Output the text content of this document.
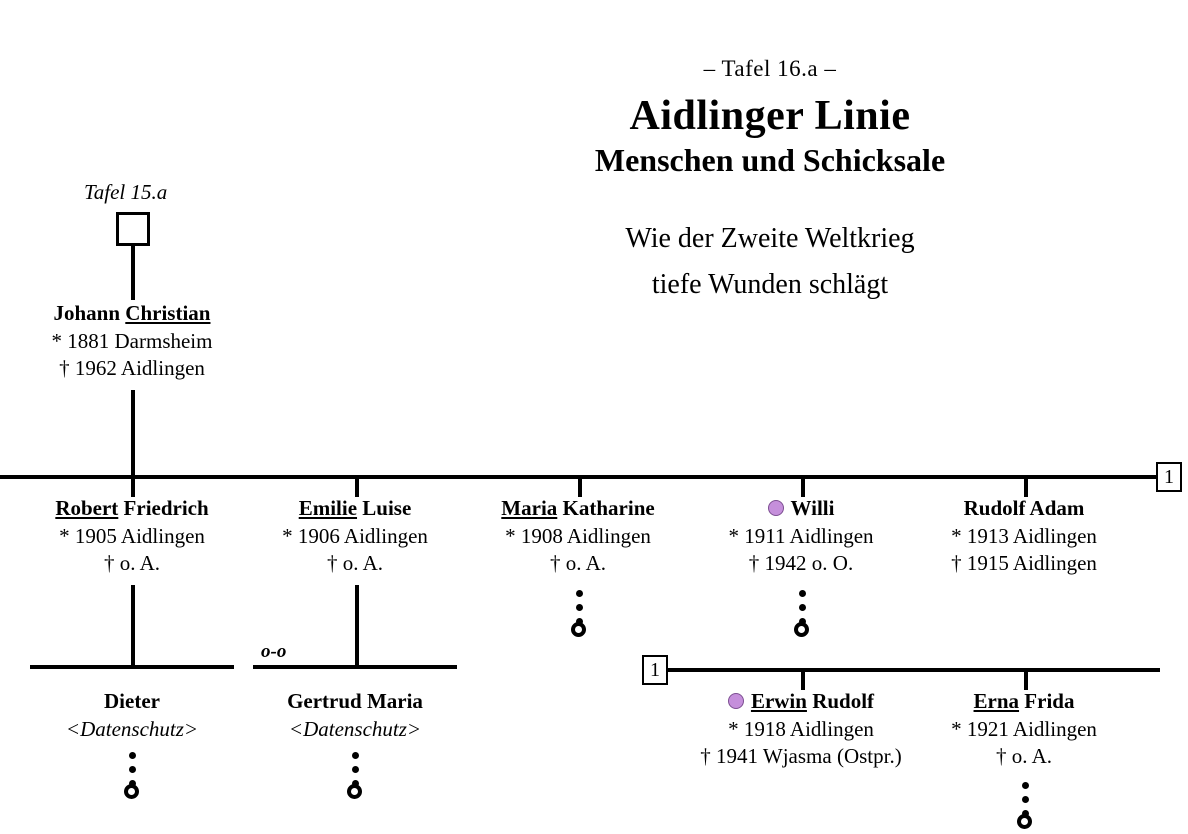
– Tafel 16.a –
Aidlinger Linie
Menschen und Schicksale
Wie der Zweite Weltkrieg
tiefe Wunden schlägt
Tafel 15.a
Johann Christian
* 1881 Darmsheim
† 1962 Aidlingen
1
Robert Friedrich
* 1905 Aidlingen
† o. A.
Emilie Luise
* 1906 Aidlingen
† o. A.
Maria Katharine
* 1908 Aidlingen
† o. A.
Willi
* 1911 Aidlingen
† 1942 o. O.
Rudolf Adam
* 1913 Aidlingen
† 1915 Aidlingen
o-o
1
Dieter
<Datenschutz>
Gertrud Maria
<Datenschutz>
Erwin Rudolf
* 1918 Aidlingen
† 1941 Wjasma (Ostpr.)
Erna Frida
* 1921 Aidlingen
† o. A.
